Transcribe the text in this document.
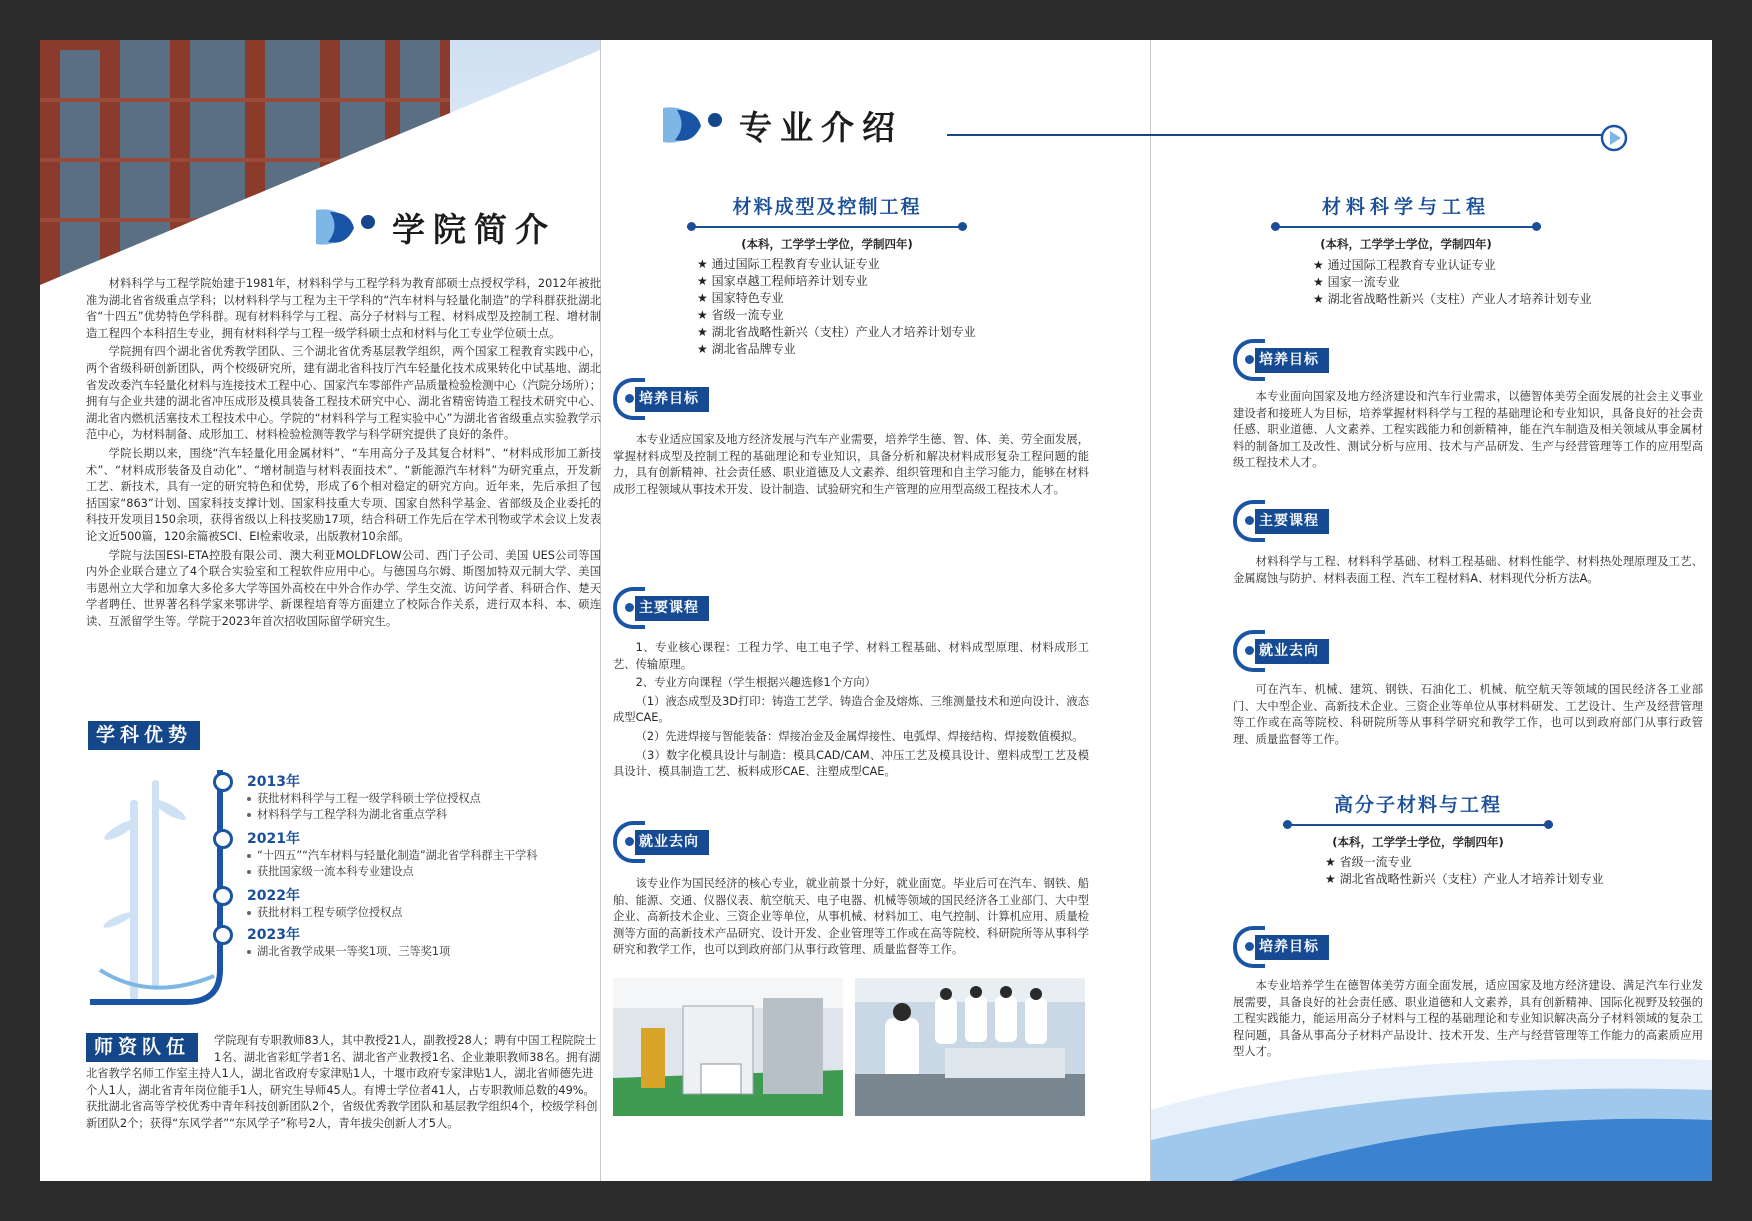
学院简介

材料科学与工程学院始建于1981年，材料科学与工程学科为教育部硕士点授权学科，2012年被批准为湖北省省级重点学科；以材料科学与工程为主干学科的“汽车材料与轻量化制造”的学科群获批湖北省“十四五”优势特色学科群。现有材料科学与工程、高分子材料与工程、材料成型及控制工程、增材制造工程四个本科招生专业，拥有材料科学与工程一级学科硕士点和材料与化工专业学位硕士点。

学院拥有四个湖北省优秀教学团队、三个湖北省优秀基层教学组织，两个国家工程教育实践中心，两个省级科研创新团队，两个校级研究所，建有湖北省科技厅汽车轻量化技术成果转化中试基地、湖北省发改委汽车轻量化材料与连接技术工程中心、国家汽车零部件产品质量检验检测中心（汽院分场所）；拥有与企业共建的湖北省冲压成形及模具装备工程技术研究中心、湖北省精密铸造工程技术研究中心、湖北省内燃机活塞技术工程技术中心。学院的“材料科学与工程实验中心”为湖北省省级重点实验教学示范中心，为材料制备、成形加工、材料检验检测等教学与科学研究提供了良好的条件。

学院长期以来，围绕“汽车轻量化用金属材料”、“车用高分子及其复合材料”、“材料成形加工新技术”、“材料成形装备及自动化”、“增材制造与材料表面技术”、“新能源汽车材料”为研究重点，开发新工艺、新技术，具有一定的研究特色和优势，形成了6个相对稳定的研究方向。近年来，先后承担了包括国家“863”计划、国家科技支撑计划、国家科技重大专项、国家自然科学基金、省部级及企业委托的科技开发项目150余项，获得省级以上科技奖励17项，结合科研工作先后在学术刊物或学术会议上发表论文近500篇，120余篇被SCI、EI检索收录，出版教材10余部。

学院与法国ESI-ETA控股有限公司、澳大利亚MOLDFLOW公司、西门子公司、美国 UES公司等国内外企业联合建立了4个联合实验室和工程软件应用中心。与德国乌尔姆、斯图加特双元制大学、美国韦恩州立大学和加拿大多伦多大学等国外高校在中外合作办学、学生交流、访问学者、科研合作、楚天学者聘任、世界著名科学家来鄂讲学、新课程培育等方面建立了校际合作关系，进行双本科、本、硕连读、互派留学生等。学院于2023年首次招收国际留学研究生。

学科优势
2013年
获批材料科学与工程一级学科硕士学位授权点
材料科学与工程学科为湖北省重点学科
2021年
“十四五”“汽车材料与轻量化制造”湖北省学科群主干学科
获批国家级一流本科专业建设点
2022年
获批材料工程专硕学位授权点
2023年
湖北省教学成果一等奖1项、三等奖1项
师资队伍	学院现有专职教师83人，其中教授21人，副教授28人；聘有中国工程院院士1名、湖北省彩虹学者1名、湖北省产业教授1名、企业兼职教师38名。拥有湖北省教学名师工作室主持人1人，湖北省政府专家津贴1人，十堰市政府专家津贴1人，湖北省师德先进个人1人，湖北省青年岗位能手1人，研究生导师45人。有博士学位者41人，占专职教师总数的49%。获批湖北省高等学校优秀中青年科技创新团队2个，省级优秀教学团队和基层教学组织4个，校级学科创新团队2个；获得“东风学者”“东风学子”称号2人，青年拔尖创新人才5人。
专业介绍
材料成型及控制工程
(本科，工学学士学位，学制四年)
★ 通过国际工程教育专业认证专业
★ 国家卓越工程师培养计划专业
★ 国家特色专业
★ 省级一流专业
★ 湖北省战略性新兴（支柱）产业人才培养计划专业
★ 湖北省品牌专业
培养目标

本专业适应国家及地方经济发展与汽车产业需要，培养学生德、智、体、美、劳全面发展，掌握材料成型及控制工程的基础理论和专业知识，具备分析和解决材料成形复杂工程问题的能力，具有创新精神、社会责任感、职业道德及人文素养、组织管理和自主学习能力，能够在材料成形工程领域从事技术开发、设计制造、试验研究和生产管理的应用型高级工程技术人才。

主要课程

1、专业核心课程：工程力学、电工电子学、材料工程基础、材料成型原理、材料成形工艺、传输原理。

2、专业方向课程（学生根据兴趣选修1个方向）

（1）液态成型及3D打印：铸造工艺学、铸造合金及熔炼、三维测量技术和逆向设计、液态成型CAE。

（2）先进焊接与智能装备：焊接冶金及金属焊接性、电弧焊、焊接结构、焊接数值模拟。

（3）数字化模具设计与制造：模具CAD/CAM、冲压工艺及模具设计、塑料成型工艺及模具设计、模具制造工艺、板料成形CAE、注塑成型CAE。

就业去向

该专业作为国民经济的核心专业，就业前景十分好，就业面宽。毕业后可在汽车、钢铁、船舶、能源、交通、仪器仪表、航空航天、电子电器、机械等领域的国民经济各工业部门、大中型企业、高新技术企业、三资企业等单位，从事机械、材料加工、电气控制、计算机应用、质量检测等方面的高新技术产品研究、设计开发、企业管理等工作或在高等院校、科研院所等从事科学研究和教学工作，也可以到政府部门从事行政管理、质量监督等工作。

材料科学与工程
(本科，工学学士学位，学制四年)
★ 通过国际工程教育专业认证专业
★ 国家一流专业
★ 湖北省战略性新兴（支柱）产业人才培养计划专业
培养目标

本专业面向国家及地方经济建设和汽车行业需求，以德智体美劳全面发展的社会主义事业建设者和接班人为目标，培养掌握材料科学与工程的基础理论和专业知识，具备良好的社会责任感、职业道德、人文素养、工程实践能力和创新精神，能在汽车制造及相关领域从事金属材料的制备加工及改性、测试分析与应用、技术与产品研发、生产与经营管理等工作的应用型高级工程技术人才。

主要课程

材料科学与工程、材料科学基础、材料工程基础、材料性能学、材料热处理原理及工艺、金属腐蚀与防护、材料表面工程、汽车工程材料A、材料现代分析方法A。

就业去向

可在汽车、机械、建筑、钢铁、石油化工、机械、航空航天等领域的国民经济各工业部门、大中型企业、高新技术企业、三资企业等单位从事材料研发、工艺设计、生产及经营管理等工作或在高等院校、科研院所等从事科学研究和教学工作，也可以到政府部门从事行政管理、质量监督等工作。

高分子材料与工程
(本科，工学学士学位，学制四年)
★ 省级一流专业
★ 湖北省战略性新兴（支柱）产业人才培养计划专业
培养目标

本专业培养学生在德智体美劳方面全面发展，适应国家及地方经济建设、满足汽车行业发展需要，具备良好的社会责任感、职业道德和人文素养，具有创新精神、国际化视野及较强的工程实践能力，能运用高分子材料与工程的基础理论和专业知识解决高分子材料领域的复杂工程问题，具备从事高分子材料产品设计、技术开发、生产与经营管理等工作能力的高素质应用型人才。
